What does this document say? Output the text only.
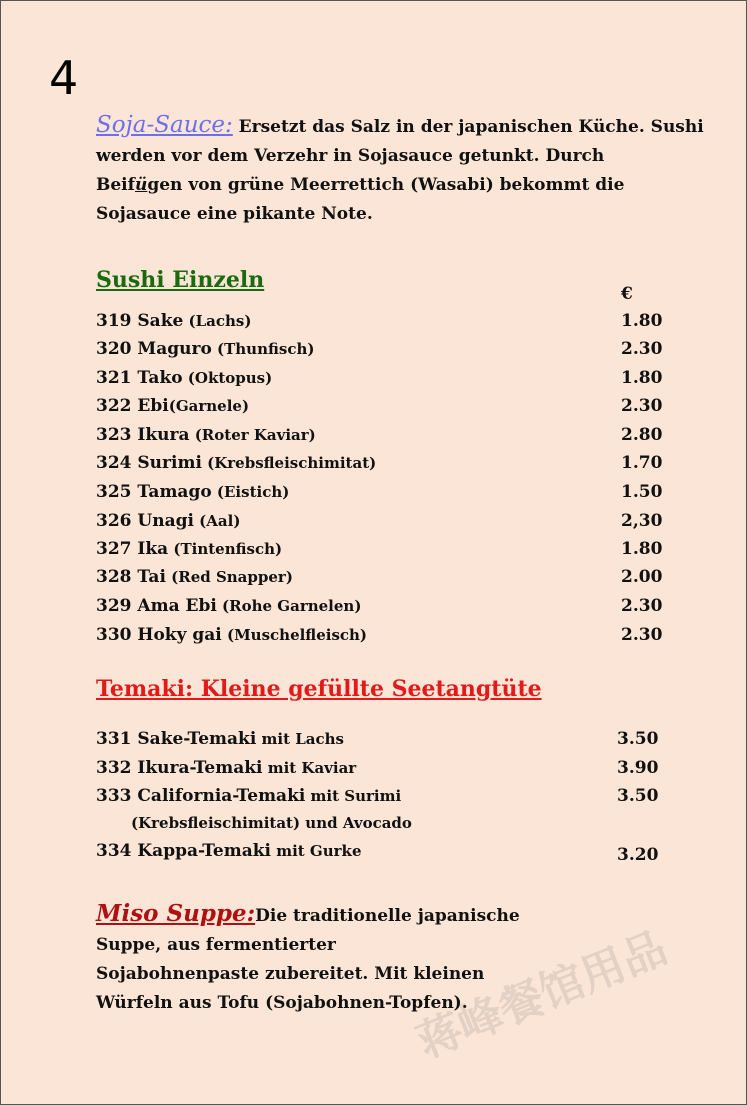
4
Soja-Sauce: Ersetzt das Salz in der japanischen Küche. Sushi
werden vor dem Verzehr in Sojasauce getunkt. Durch
Beifügen von grüne Meerrettich (Wasabi) bekommt die
Sojasauce eine pikante Note.
Sushi Einzeln
€
319 Sake (Lachs)	1.80
320 Maguro (Thunfisch)	2.30
321 Tako (Oktopus)	1.80
322 Ebi(Garnele)	2.30
323 Ikura (Roter Kaviar)	2.80
324 Surimi (Krebsfleischimitat)	1.70
325 Tamago (Eistich)	1.50
326 Unagi (Aal)	2,30
327 Ika (Tintenfisch)	1.80
328 Tai (Red Snapper)	2.00
329 Ama Ebi (Rohe Garnelen)	2.30
330 Hoky gai (Muschelfleisch)	2.30
Temaki: Kleine gefüllte Seetangtüte
331 Sake-Temaki mit Lachs	3.50
332 Ikura-Temaki mit Kaviar	3.90
333 California-Temaki mit Surimi	3.50
(Krebsfleischimitat) und Avocado
334 Kappa-Temaki mit Gurke	3.20
Miso Suppe:Die traditionelle japanische
Suppe, aus fermentierter
Sojabohnenpaste zubereitet. Mit kleinen
Würfeln aus Tofu (Sojabohnen-Topfen).
蒋峰餐馆用品
